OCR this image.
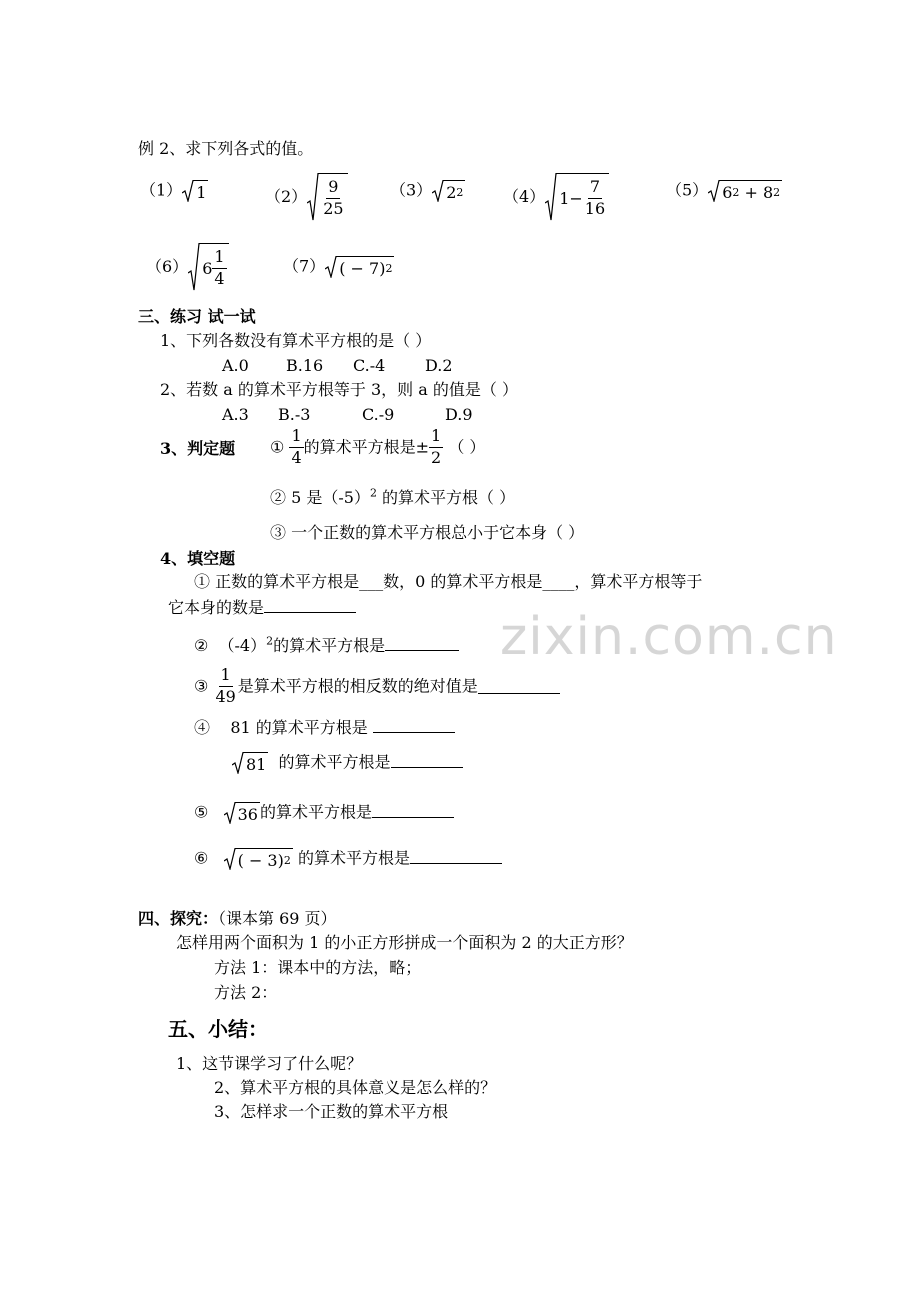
例 2、求下列各式的值。
（1） 1	$(2) \frac{9}{25}$	（3） 2 2 （4） $1- \frac{7}{16}$	（5） 6 2 + 8 2
（6） $6 \frac{1}{4}$	（7） ( − 7) 2
三、练习 试一试
1、下列各数没有算术平方根的是（ ）
A.0 B.16 C.-4 D.2
2、若数 a 的算术平方根等于 3，则 a 的值是（ ）
A.3 B.-3	C.-9	D.9
3、判定题 ① $\frac{1}{4}$ 的算术平方根是± $\frac{1}{2}$ （ ）
② 5 是$(-5)^2$ 的算术平方根（ ）
③ 一个正数的算术平方根总小于它本身（ ）
4、填空题
① 正数的算术平方根是___数，0 的算术平方根是____，算术平方根等于
它本身的数是
② $(-4)^2$的算术平方根是
③ $\frac{1}{49}$ 是算术平方根的相反数的绝对值是
④ 81 的算术平方根是
81 的算术平方根是
⑤ 36 的算术平方根是
⑥ ( − 3) 2 的算术平方根是
zixin.com.cn
四、探究：（课本第 69 页）
怎样用两个面积为 1 的小正方形拼成一个面积为 2 的大正方形？
方法 1：课本中的方法，略；
方法 2：
五、小结：
1、这节课学习了什么呢？
2、算术平方根的具体意义是怎么样的？
3、怎样求一个正数的算术平方根
